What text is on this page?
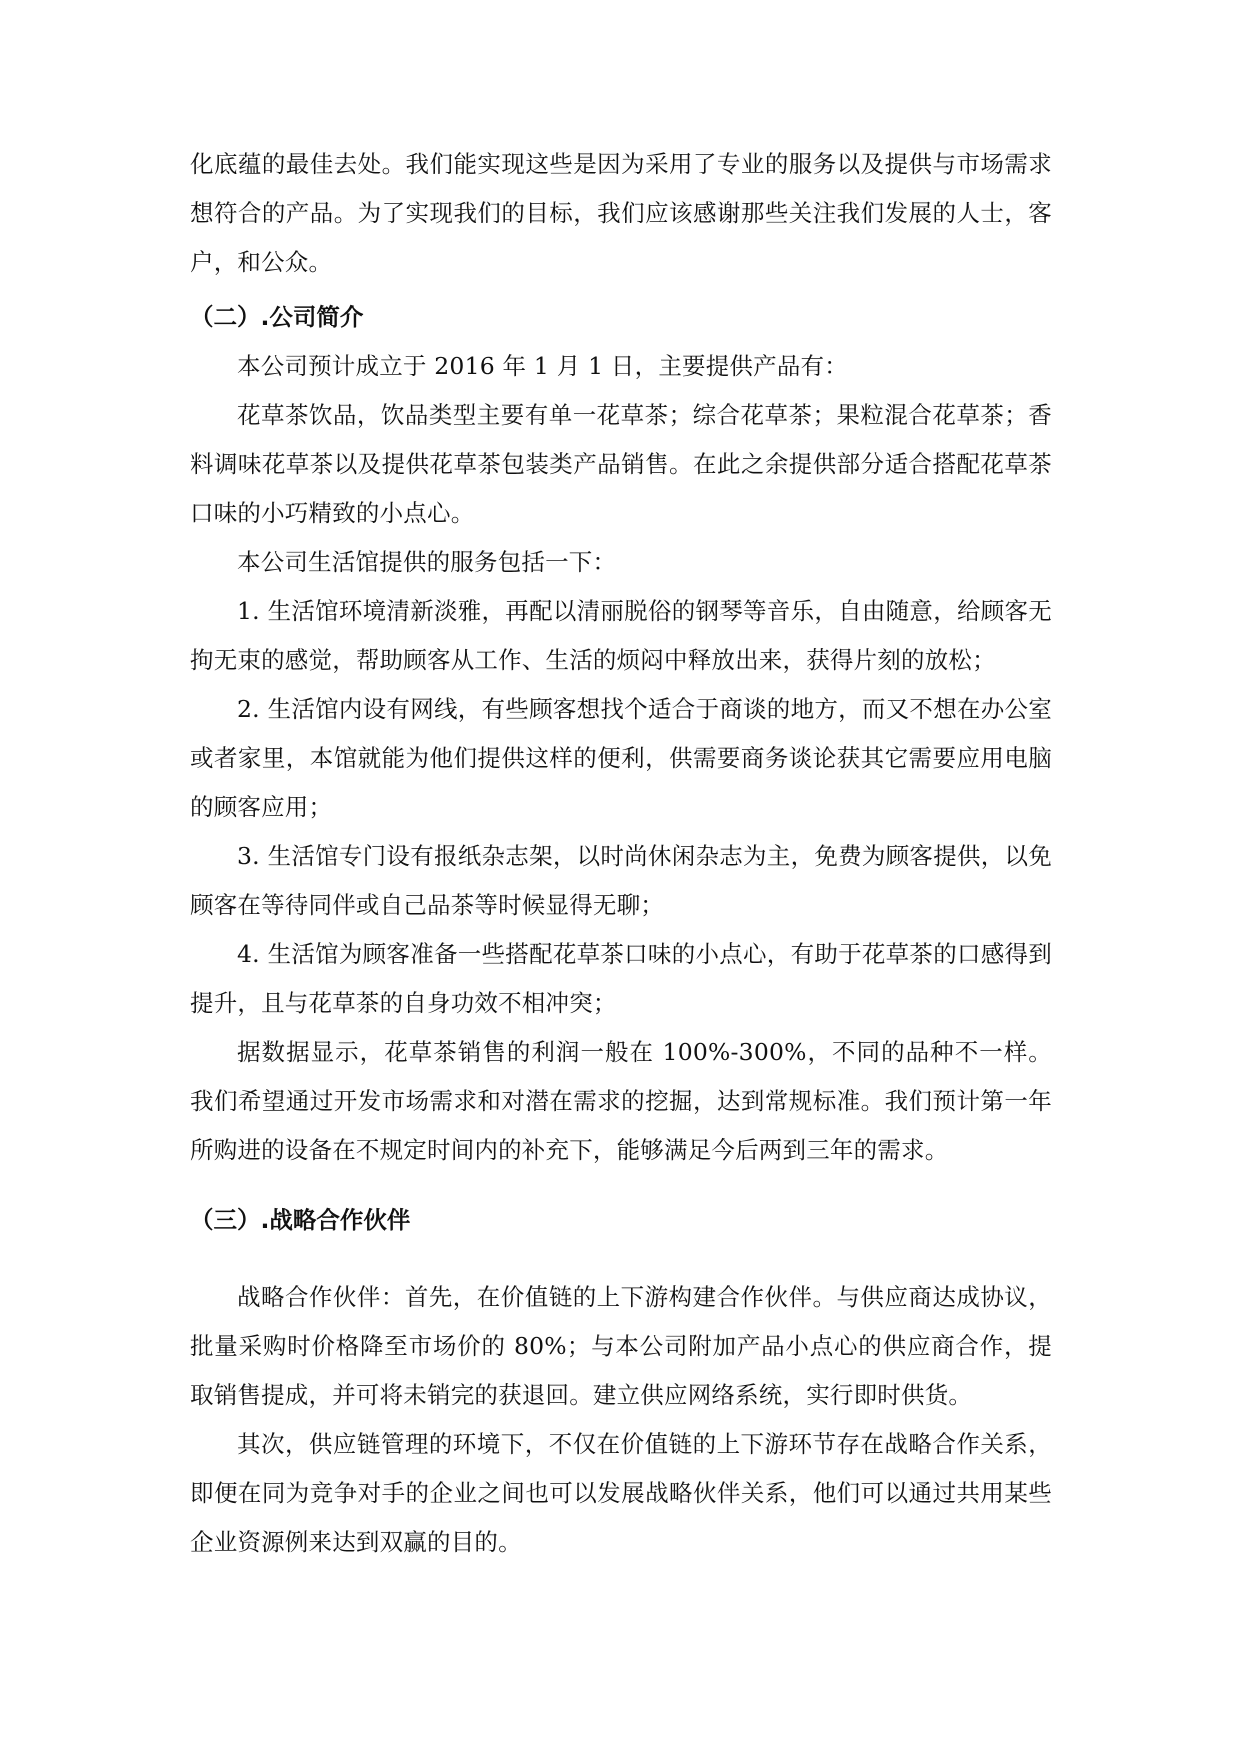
化底蕴的最佳去处。我们能实现这些是因为采用了专业的服务以及提供与市场需求想符合的产品。为了实现我们的目标，我们应该感谢那些关注我们发展的人士，客户，和公众。

（二）.公司简介

本公司预计成立于 2016 年 1 月 1 日，主要提供产品有：

花草茶饮品，饮品类型主要有单一花草茶；综合花草茶；果粒混合花草茶；香料调味花草茶以及提供花草茶包装类产品销售。在此之余提供部分适合搭配花草茶口味的小巧精致的小点心。

本公司生活馆提供的服务包括一下：

1. 生活馆环境清新淡雅，再配以清丽脱俗的钢琴等音乐，自由随意，给顾客无拘无束的感觉，帮助顾客从工作、生活的烦闷中释放出来，获得片刻的放松；

2. 生活馆内设有网线，有些顾客想找个适合于商谈的地方，而又不想在办公室或者家里，本馆就能为他们提供这样的便利，供需要商务谈论获其它需要应用电脑的顾客应用；

3. 生活馆专门设有报纸杂志架，以时尚休闲杂志为主，免费为顾客提供，以免顾客在等待同伴或自己品茶等时候显得无聊；

4. 生活馆为顾客准备一些搭配花草茶口味的小点心，有助于花草茶的口感得到提升，且与花草茶的自身功效不相冲突；

据数据显示，花草茶销售的利润一般在 100%-300%，不同的品种不一样。我们希望通过开发市场需求和对潜在需求的挖掘，达到常规标准。我们预计第一年所购进的设备在不规定时间内的补充下，能够满足今后两到三年的需求。

（三）.战略合作伙伴

战略合作伙伴：首先，在价值链的上下游构建合作伙伴。与供应商达成协议，批量采购时价格降至市场价的 80%；与本公司附加产品小点心的供应商合作，提取销售提成，并可将未销完的获退回。建立供应网络系统，实行即时供货。

其次，供应链管理的环境下，不仅在价值链的上下游环节存在战略合作关系，即便在同为竞争对手的企业之间也可以发展战略伙伴关系，他们可以通过共用某些企业资源例来达到双赢的目的。
